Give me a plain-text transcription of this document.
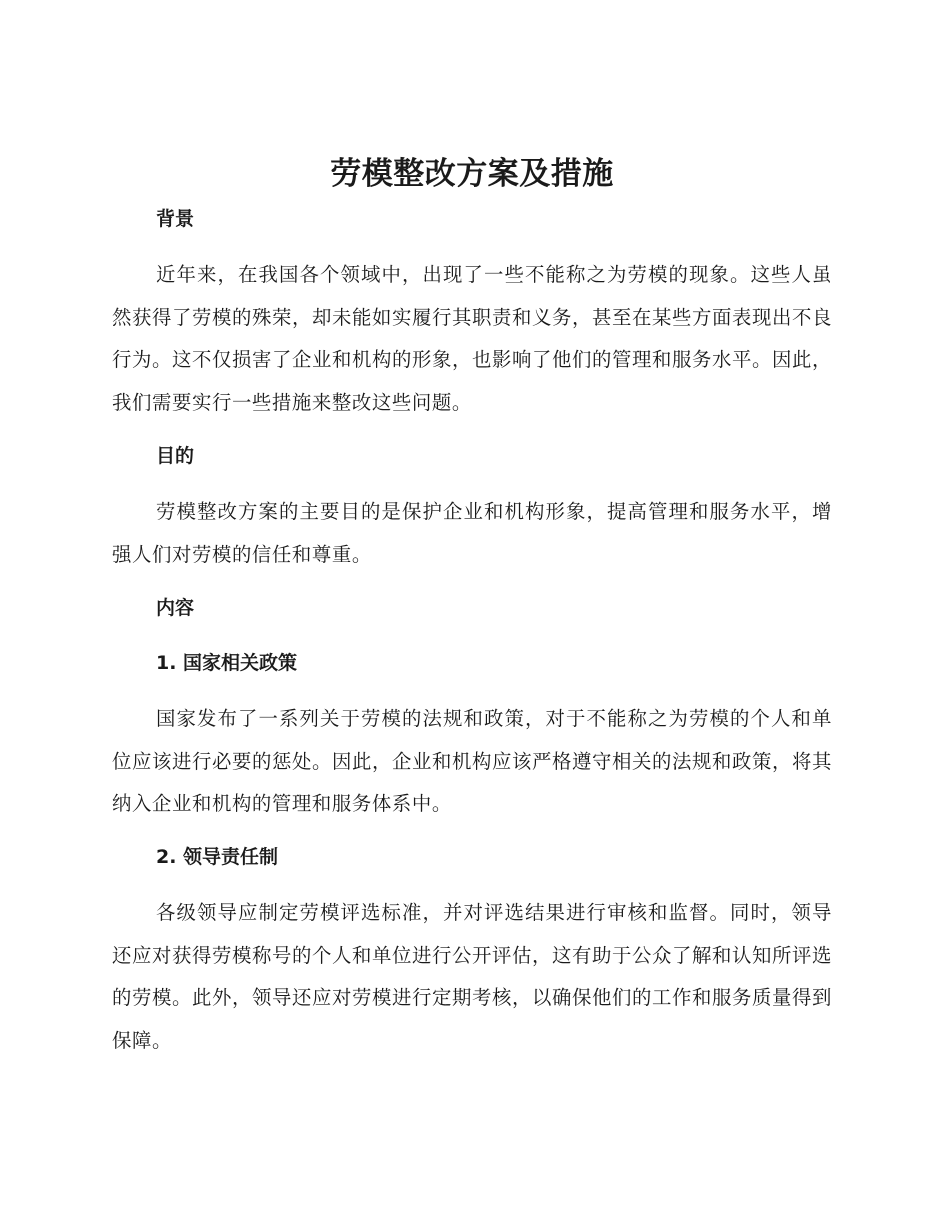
劳模整改方案及措施
背景

近年来，在我国各个领域中，出现了一些不能称之为劳模的现象。这些人虽然获得了劳模的殊荣，却未能如实履行其职责和义务，甚至在某些方面表现出不良行为。这不仅损害了企业和机构的形象，也影响了他们的管理和服务水平。因此，我们需要实行一些措施来整改这些问题。

目的

劳模整改方案的主要目的是保护企业和机构形象，提高管理和服务水平，增强人们对劳模的信任和尊重。

内容
1. 国家相关政策

国家发布了一系列关于劳模的法规和政策，对于不能称之为劳模的个人和单位应该进行必要的惩处。因此，企业和机构应该严格遵守相关的法规和政策，将其纳入企业和机构的管理和服务体系中。

2. 领导责任制

各级领导应制定劳模评选标准，并对评选结果进行审核和监督。同时，领导还应对获得劳模称号的个人和单位进行公开评估，这有助于公众了解和认知所评选的劳模。此外，领导还应对劳模进行定期考核，以确保他们的工作和服务质量得到保障。
